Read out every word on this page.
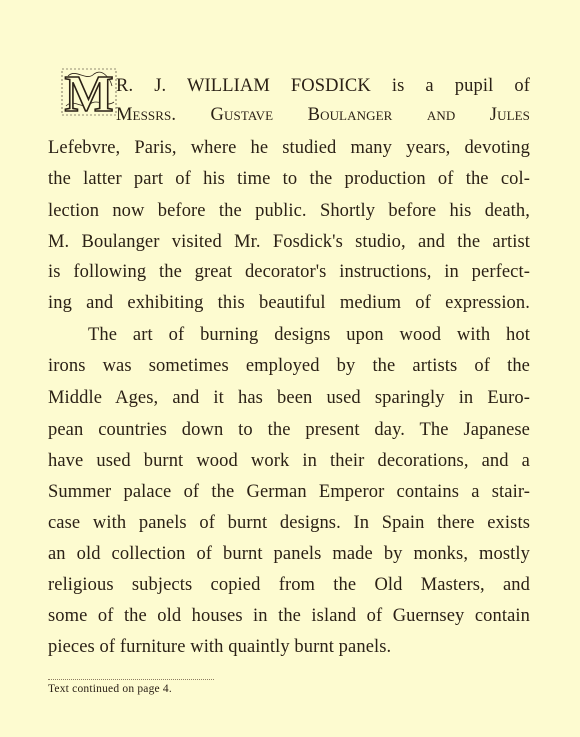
M R. J. WILLIAM FOSDICK is a pupil of
Messrs. Gustave Boulanger and Jules
Lefebvre, Paris, where he studied many years, devoting
the latter part of his time to the production of the col-
lection now before the public. Shortly before his death,
M. Boulanger visited Mr. Fosdick's studio, and the artist
is following the great decorator's instructions, in perfect-
ing and exhibiting this beautiful medium of expression.
The art of burning designs upon wood with hot
irons was sometimes employed by the artists of the
Middle Ages, and it has been used sparingly in Euro-
pean countries down to the present day. The Japanese
have used burnt wood work in their decorations, and a
Summer palace of the German Emperor contains a stair-
case with panels of burnt designs. In Spain there exists
an old collection of burnt panels made by monks, mostly
religious subjects copied from the Old Masters, and
some of the old houses in the island of Guernsey contain
pieces of furniture with quaintly burnt panels.
Text continued on page 4.
